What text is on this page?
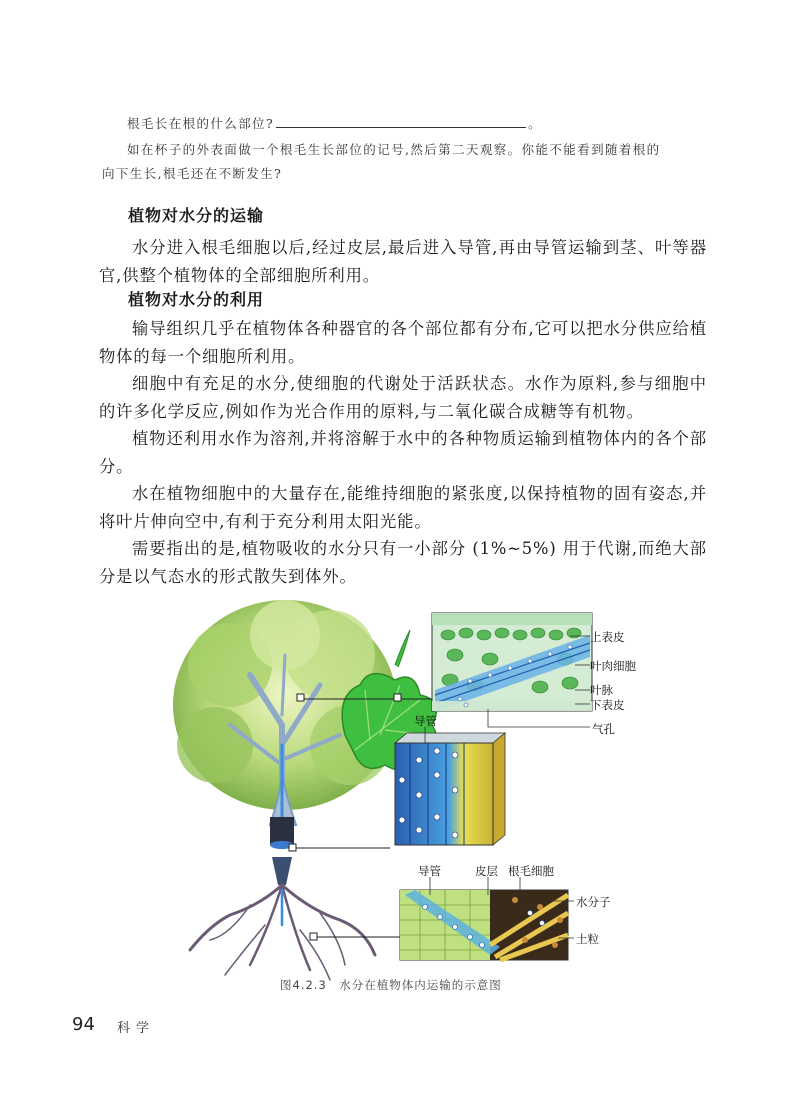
根毛长在根的什么部位?	。
如在杯子的外表面做一个根毛生长部位的记号,然后第二天观察。你能不能看到随着根的
向下生长,根毛还在不断发生?
植物对水分的运输
水分进入根毛细胞以后,经过皮层,最后进入导管,再由导管运输到茎、叶等器官,供整个植物体的全部细胞所利用。
植物对水分的利用
输导组织几乎在植物体各种器官的各个部位都有分布,它可以把水分供应给植物体的每一个细胞所利用。
细胞中有充足的水分,使细胞的代谢处于活跃状态。水作为原料,参与细胞中的许多化学反应,例如作为光合作用的原料,与二氧化碳合成糖等有机物。
植物还利用水作为溶剂,并将溶解于水中的各种物质运输到植物体内的各个部分。
水在植物细胞中的大量存在,能维持细胞的紧张度,以保持植物的固有姿态,并将叶片伸向空中,有利于充分利用太阳光能。
需要指出的是,植物吸收的水分只有一小部分 (1%~5%) 用于代谢,而绝大部分是以气态水的形式散失到体外。
上表皮
叶肉细胞
叶脉
下表皮
气孔
导管
导管	皮层 根毛细胞
水分子
土粒
图4.2.3　水分在植物体内运输的示意图
94 科学
